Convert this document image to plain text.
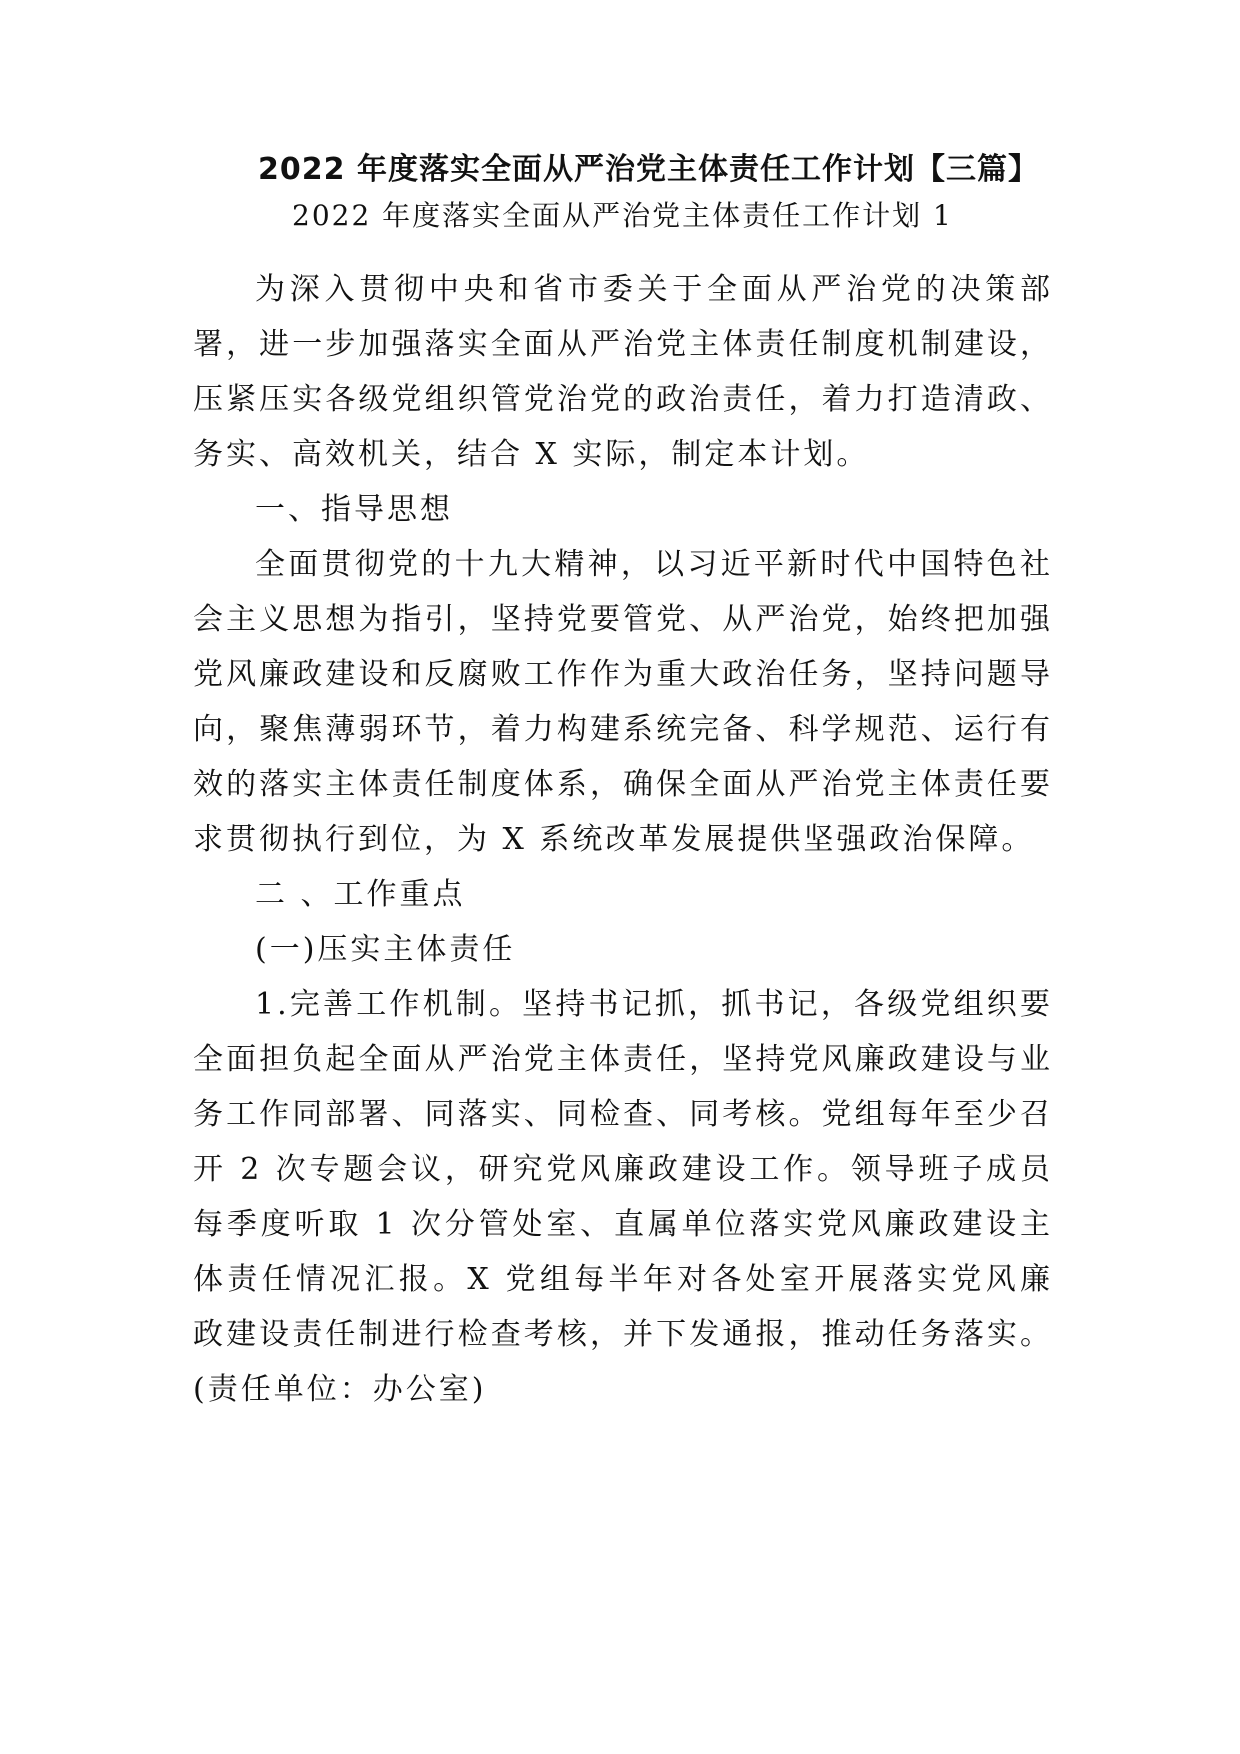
2022 年度落实全面从严治党主体责任工作计划【三篇】
2022 年度落实全面从严治党主体责任工作计划 1

为深入贯彻中央和省市委关于全面从严治党的决策部署，进一步加强落实全面从严治党主体责任制度机制建设，压紧压实各级党组织管党治党的政治责任，着力打造清政、务实、高效机关，结合 X 实际，制定本计划。

一、指导思想

全面贯彻党的十九大精神，以习近平新时代中国特色社会主义思想为指引，坚持党要管党、从严治党，始终把加强党风廉政建设和反腐败工作作为重大政治任务，坚持问题导向，聚焦薄弱环节，着力构建系统完备、科学规范、运行有效的落实主体责任制度体系，确保全面从严治党主体责任要求贯彻执行到位，为 X 系统改革发展提供坚强政治保障。

二 、工作重点

(一)压实主体责任

1.完善工作机制。坚持书记抓，抓书记，各级党组织要全面担负起全面从严治党主体责任，坚持党风廉政建设与业务工作同部署、同落实、同检查、同考核。党组每年至少召开 2 次专题会议，研究党风廉政建设工作。领导班子成员每季度听取 1 次分管处室、直属单位落实党风廉政建设主体责任情况汇报。X 党组每半年对各处室开展落实党风廉政建设责任制进行检查考核，并下发通报，推动任务落实。(责任单位：办公室)
